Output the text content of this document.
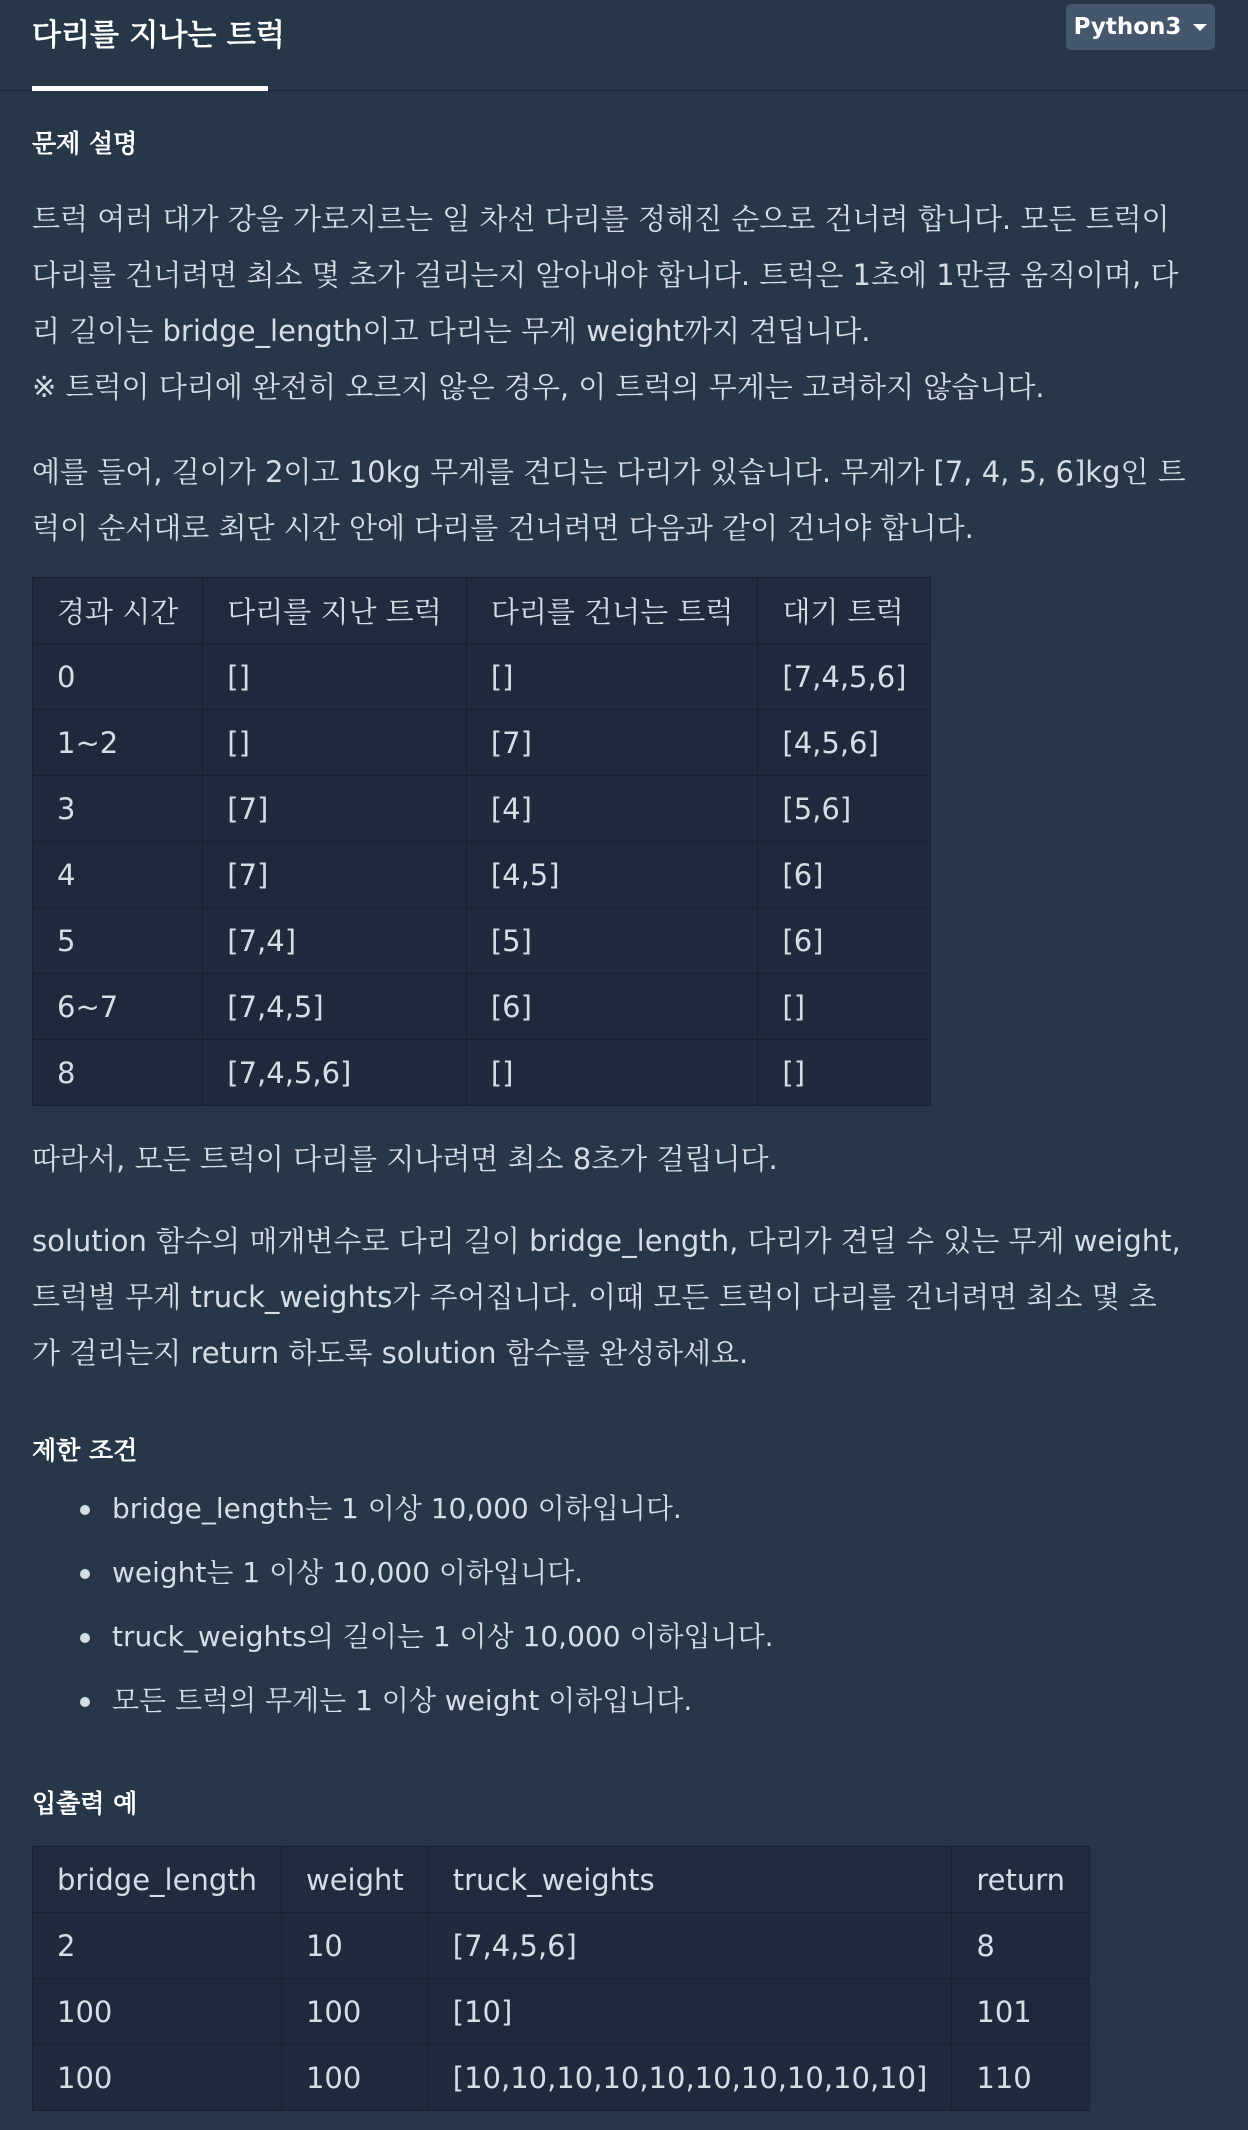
다리를 지나는 트럭	Python3
문제 설명
트럭 여러 대가 강을 가로지르는 일 차선 다리를 정해진 순으로 건너려 합니다. 모든 트럭이
다리를 건너려면 최소 몇 초가 걸리는지 알아내야 합니다. 트럭은 1초에 1만큼 움직이며, 다
리 길이는 bridge_length이고 다리는 무게 weight까지 견딥니다.
※ 트럭이 다리에 완전히 오르지 않은 경우, 이 트럭의 무게는 고려하지 않습니다.
예를 들어, 길이가 2이고 10kg 무게를 견디는 다리가 있습니다. 무게가 [7, 4, 5, 6]kg인 트
럭이 순서대로 최단 시간 안에 다리를 건너려면 다음과 같이 건너야 합니다.
경과 시간	다리를 지난 트럭	다리를 건너는 트럭	대기 트럭
0	[]	[]	[7,4,5,6]
1~2	[]	[7]	[4,5,6]
3	[7]	[4]	[5,6]
4	[7]	[4,5]	[6]
5	[7,4]	[5]	[6]
6~7	[7,4,5]	[6]	[]
8	[7,4,5,6]	[]	[]
따라서, 모든 트럭이 다리를 지나려면 최소 8초가 걸립니다.
solution 함수의 매개변수로 다리 길이 bridge_length, 다리가 견딜 수 있는 무게 weight,
트럭별 무게 truck_weights가 주어집니다. 이때 모든 트럭이 다리를 건너려면 최소 몇 초
가 걸리는지 return 하도록 solution 함수를 완성하세요.
제한 조건
bridge_length는 1 이상 10,000 이하입니다.
weight는 1 이상 10,000 이하입니다.
truck_weights의 길이는 1 이상 10,000 이하입니다.
모든 트럭의 무게는 1 이상 weight 이하입니다.
입출력 예
bridge_length	weight	truck_weights	return
2	10	[7,4,5,6]	8
100	100	[10]	101
100	100	[10,10,10,10,10,10,10,10,10,10]	110
